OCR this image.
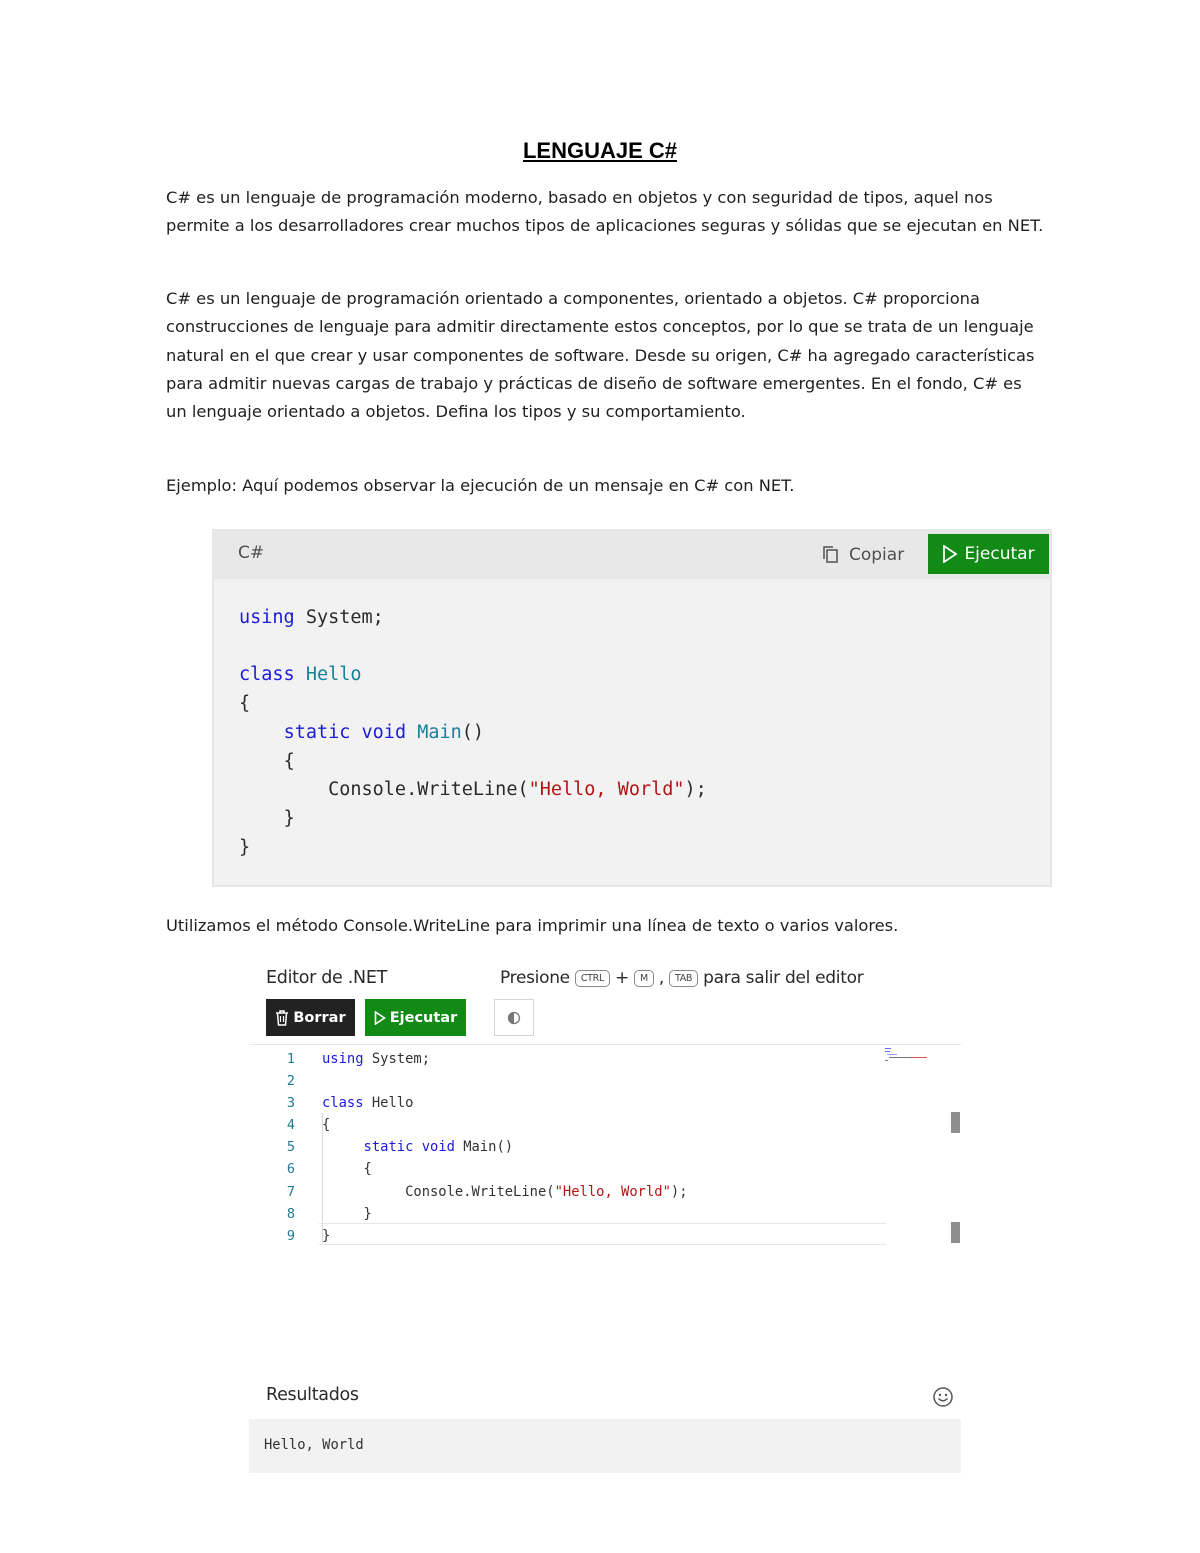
LENGUAJE C#

C# es un lenguaje de programación moderno, basado en objetos y con seguridad de tipos, aquel nos permite a los desarrolladores crear muchos tipos de aplicaciones seguras y sólidas que se ejecutan en NET.

C# es un lenguaje de programación orientado a componentes, orientado a objetos. C# proporciona construcciones de lenguaje para admitir directamente estos conceptos, por lo que se trata de un lenguaje natural en el que crear y usar componentes de software. Desde su origen, C# ha agregado características para admitir nuevas cargas de trabajo y prácticas de diseño de software emergentes. En el fondo, C# es un lenguaje orientado a objetos. Defina los tipos y su comportamiento.

Ejemplo: Aquí podemos observar la ejecución de un mensaje en C# con NET.

C#	Copiar	Ejecutar
using System;

class Hello
{
static void Main()
{
Console.WriteLine("Hello, World");
}
}

Utilizamos el método Console.WriteLine para imprimir una línea de texto o varios valores.

Editor de .NET	Presione	CTRL +	M ,	TAB para salir del editor
Borrar	Ejecutar
1
2
3
4
5
6
7
8
9
using System;

class Hello
{
static void Main()
{
Console.WriteLine("Hello, World");
}
}
Resultados
Hello, World
